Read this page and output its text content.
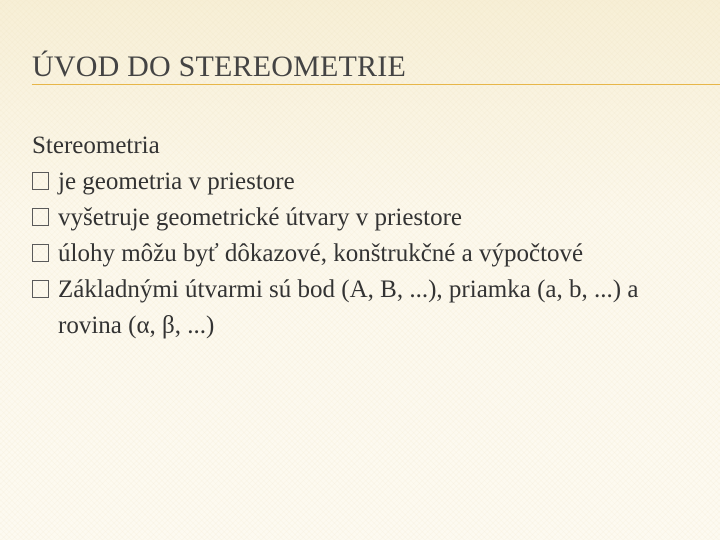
ÚVOD DO STEREOMETRIE
Stereometria
je geometria v priestore
vyšetruje geometrické útvary v priestore
úlohy môžu byť dôkazové, konštrukčné a výpočtové
Základnými útvarmi sú bod (A, B, ...), priamka (a, b, ...) a rovina (α, β, ...)
